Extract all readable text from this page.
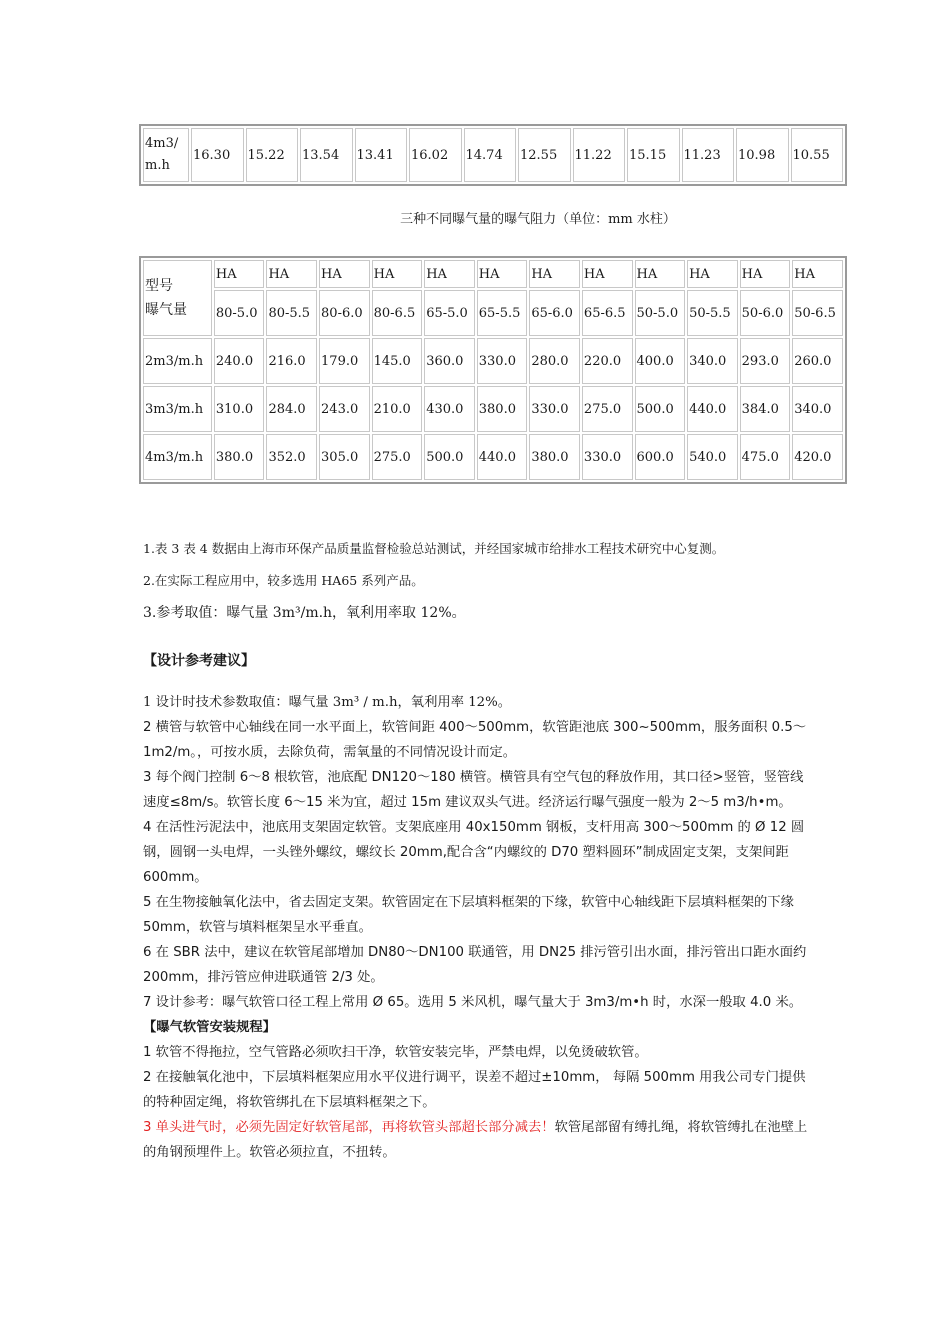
4m3/
m.h	16.30	15.22	13.54	13.41	16.02	14.74	12.55	11.22	15.15	11.23	10.98	10.55
三种不同曝气量的曝气阻力（单位：mm 水柱）
型号
曝气量	HA	HA	HA	HA	HA	HA	HA	HA	HA	HA	HA	HA
	80-5.0	80-5.5	80-6.0	80-6.5	65-5.0	65-5.5	65-6.0	65-6.5	50-5.0	50-5.5	50-6.0	50-6.5
2m3/m.h	240.0	216.0	179.0	145.0	360.0	330.0	280.0	220.0	400.0	340.0	293.0	260.0
3m3/m.h	310.0	284.0	243.0	210.0	430.0	380.0	330.0	275.0	500.0	440.0	384.0	340.0
4m3/m.h	380.0	352.0	305.0	275.0	500.0	440.0	380.0	330.0	600.0	540.0	475.0	420.0

1.表 3 表 4 数据由上海市环保产品质量监督检验总站测试，并经国家城市给排水工程技术研究中心复测。

2.在实际工程应用中，较多选用 HA65 系列产品。

3.参考取值：曝气量 3m³/m.h，氧利用率取 12%。

【设计参考建议】

1 设计时技术参数取值：曝气量 3m³ / m.h，氧利用率 12%。

2 横管与软管中心轴线在同一水平面上，软管间距 400～500mm，软管距池底 300~500mm，服务面积 0.5～1m2/m。，可按水质，去除负荷，需氧量的不同情况设计而定。

3 每个阀门控制 6～8 根软管，池底配 DN120～180 横管。横管具有空气包的释放作用，其口径>竖管，竖管线速度≤8m/s。软管长度 6～15 米为宜，超过 15m 建议双头气进。经济运行曝气强度一般为 2～5 m3/h•m。

4 在活性污泥法中，池底用支架固定软管。支架底座用 40x150mm 钢板，支杆用高 300～500mm 的 Ø 12 圆钢，圆钢一头电焊，一头锉外螺纹，螺纹长 20mm,配合含“内螺纹的 D70 塑料圆环”制成固定支架，支架间距 600mm。

5 在生物接触氧化法中，省去固定支架。软管固定在下层填料框架的下缘，软管中心轴线距下层填料框架的下缘 50mm，软管与填料框架呈水平垂直。

6 在 SBR 法中，建议在软管尾部增加 DN80～DN100 联通管，用 DN25 排污管引出水面，排污管出口距水面约 200mm，排污管应伸进联通管 2/3 处。

7 设计参考：曝气软管口径工程上常用 Ø 65。选用 5 米风机，曝气量大于 3m3/m•h 时，水深一般取 4.0 米。

【曝气软管安装规程】

1 软管不得拖拉，空气管路必须吹扫干净，软管安装完毕，严禁电焊，以免烫破软管。

2 在接触氧化池中，下层填料框架应用水平仪进行调平，误差不超过±10mm， 每隔 500mm 用我公司专门提供的特种固定绳，将软管绑扎在下层填料框架之下。

3 单头进气时，必须先固定好软管尾部，再将软管头部超长部分减去！软管尾部留有缚扎绳，将软管缚扎在池壁上的角钢预埋件上。软管必须拉直，不扭转。
